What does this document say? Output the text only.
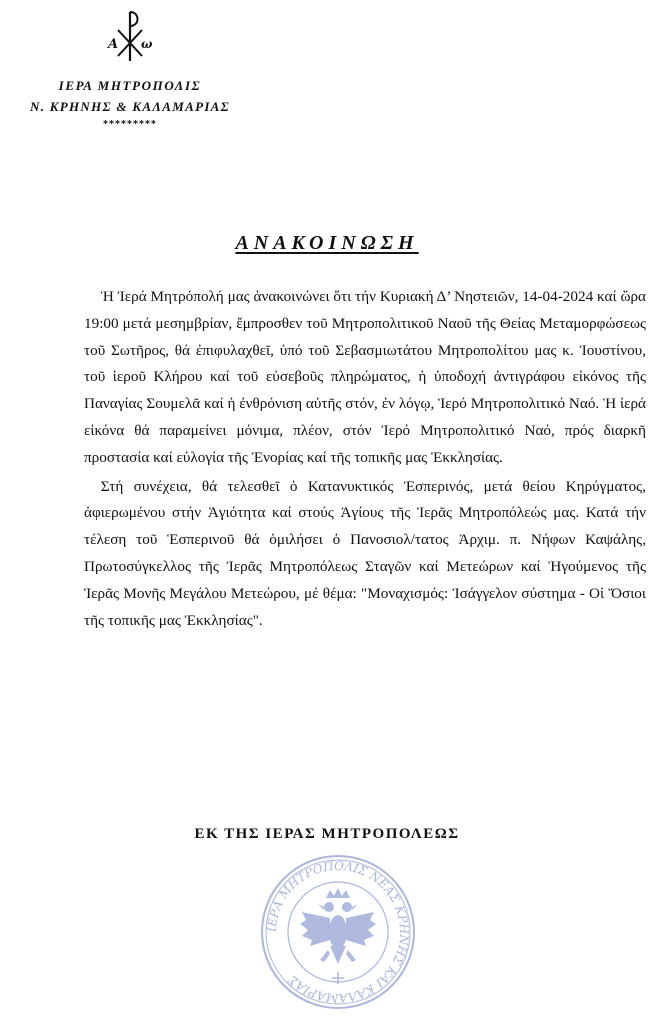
Α ω
ΙΕΡΑ ΜΗΤΡΟΠΟΛΙΣ
Ν. ΚΡΗΝΗΣ & ΚΑΛΑΜΑΡΙΑΣ
*********
ΑΝΑΚΟΙΝΩΣΗ

Ἡ Ἱερά Μητρόπολή μας ἀνακοινώνει ὅτι τήν Κυριακή Δ’ Νηστειῶν, 14-04-2024 καί ὥρα 19:00 μετά μεσημβρίαν, ἔμπροσθεν τοῦ Μητροπολιτικοῦ Ναοῦ τῆς Θείας Μεταμορφώσεως τοῦ Σωτῆρος, θά ἐπιφυλαχθεῖ, ὑπό τοῦ Σεβασμιωτάτου Μητροπολίτου μας κ. Ἰουστίνου, τοῦ ἱεροῦ Κλήρου καί τοῦ εὐσεβοῦς πληρώματος, ἡ ὑποδοχή ἀντιγράφου εἰκόνος τῆς Παναγίας Σουμελᾶ καί ἡ ἐνθρόνιση αὐτῆς στόν, ἐν λόγῳ, Ἱερό Μητροπολιτικό Ναό. Ἡ ἱερά εἰκόνα θά παραμείνει μόνιμα, πλέον, στόν Ἱερό Μητροπολιτικό Ναό, πρός διαρκῆ προστασία καί εὐλογία τῆς Ἐνορίας καί τῆς τοπικῆς μας Ἐκκλησίας.

Στή συνέχεια, θά τελεσθεῖ ὁ Κατανυκτικός Ἑσπερινός, μετά θείου Κηρύγματος, ἀφιερωμένου στήν Ἁγιότητα καί στούς Ἁγίους τῆς Ἱερᾶς Μητροπόλεώς μας. Κατά τήν τέλεση τοῦ Ἑσπερινοῦ θά ὁμιλήσει ὁ Πανοσιολ/τατος Ἀρχιμ. π. Νήφων Καψάλης, Πρωτοσύγκελλος τῆς Ἱερᾶς Μητροπόλεως Σταγῶν καί Μετεώρων καί Ἡγούμενος τῆς Ἱερᾶς Μονῆς Μεγάλου Μετεώρου, μέ θέμα: "Μοναχισμός: Ἰσάγγελον σύστημα - Οἱ Ὅσιοι τῆς τοπικῆς μας Ἐκκλησίας".

ΕΚ ΤΗΣ ΙΕΡΑΣ ΜΗΤΡΟΠΟΛΕΩΣ
ΙΕΡΑ ΜΗΤΡΟΠΟΛΙΣ ΝΕΑΣ ΚΡΗΝΗΣ ΚΑΙ ΚΑΛΑΜΑΡΙΑΣ
